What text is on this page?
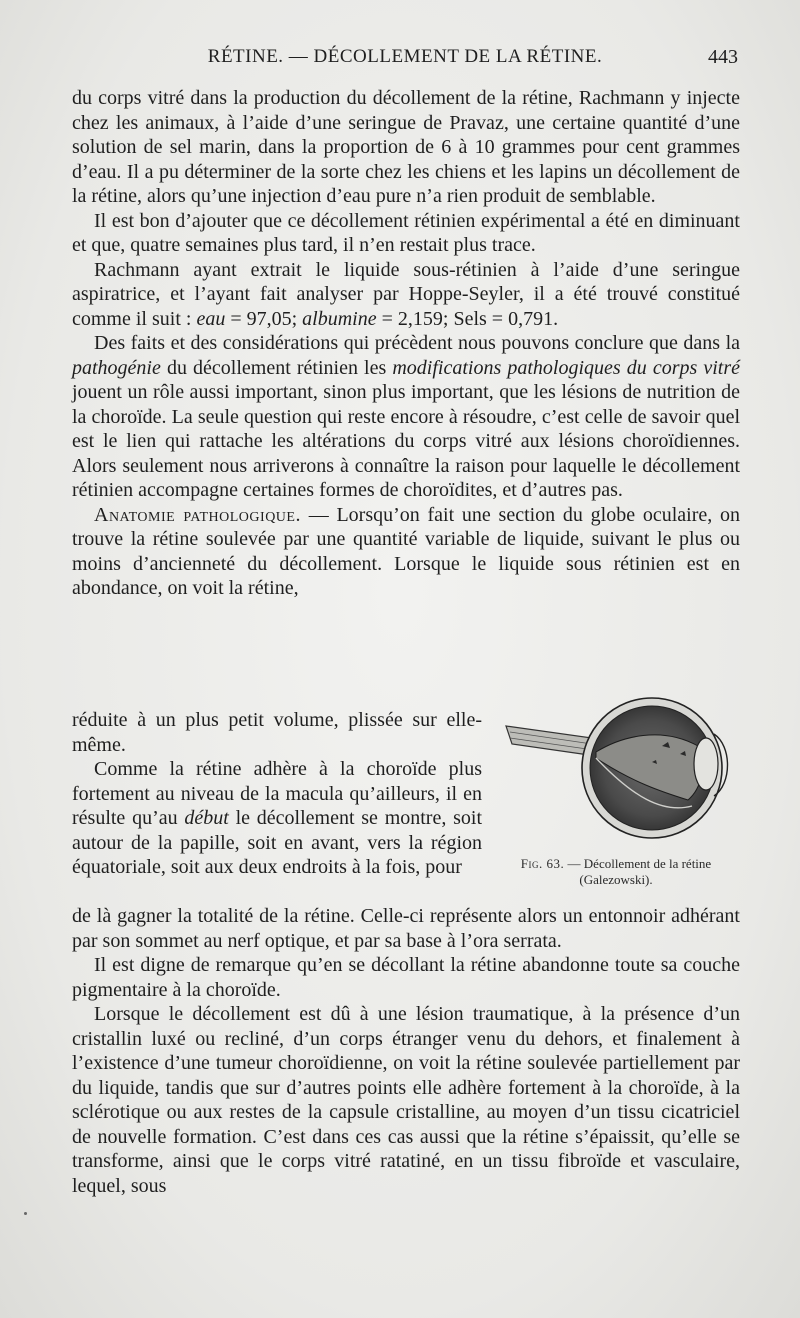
RÉTINE. — DÉCOLLEMENT DE LA RÉTINE.	443

du corps vitré dans la production du décollement de la rétine, Rachmann y injecte chez les animaux, à l’aide d’une seringue de Pravaz, une certaine quantité d’une solution de sel marin, dans la proportion de 6 à 10 grammes pour cent grammes d’eau. Il a pu déterminer de la sorte chez les chiens et les lapins un décollement de la rétine, alors qu’une injection d’eau pure n’a rien produit de semblable.

Il est bon d’ajouter que ce décollement rétinien expérimental a été en diminuant et que, quatre semaines plus tard, il n’en restait plus trace.

Rachmann ayant extrait le liquide sous-rétinien à l’aide d’une seringue aspiratrice, et l’ayant fait analyser par Hoppe-Seyler, il a été trouvé constitué comme il suit : eau = 97,05; albumine = 2,159; Sels = 0,791.

Des faits et des considérations qui précèdent nous pouvons conclure que dans la pathogénie du décollement rétinien les modifications pathologiques du corps vitré jouent un rôle aussi important, sinon plus important, que les lésions de nutrition de la choroïde. La seule question qui reste encore à résoudre, c’est celle de savoir quel est le lien qui rattache les altérations du corps vitré aux lésions choroïdiennes. Alors seulement nous arriverons à connaître la raison pour laquelle le décollement rétinien accompagne certaines formes de choroïdites, et d’autres pas.

Anatomie pathologique. — Lorsqu’on fait une section du globe oculaire, on trouve la rétine soulevée par une quantité variable de liquide, suivant le plus ou moins d’ancienneté du décollement. Lorsque le liquide sous rétinien est en abondance, on voit la rétine,

réduite à un plus petit volume, plissée sur elle-même.

Comme la rétine adhère à la choroïde plus fortement au niveau de la macula qu’ailleurs, il en résulte qu’au début le décollement se montre, soit autour de la papille, soit en avant, vers la région équatoriale, soit aux deux endroits à la fois, pour	Fig. 63. — Décollement de la rétine
(Galezowski).

de là gagner la totalité de la rétine. Celle-ci représente alors un entonnoir adhérant par son sommet au nerf optique, et par sa base à l’ora serrata.

Il est digne de remarque qu’en se décollant la rétine abandonne toute sa couche pigmentaire à la choroïde.

Lorsque le décollement est dû à une lésion traumatique, à la présence d’un cristallin luxé ou recliné, d’un corps étranger venu du dehors, et finalement à l’existence d’une tumeur choroïdienne, on voit la rétine soulevée partiellement par du liquide, tandis que sur d’autres points elle adhère fortement à la choroïde, à la sclérotique ou aux restes de la capsule cristalline, au moyen d’un tissu cicatriciel de nouvelle formation. C’est dans ces cas aussi que la rétine s’épaissit, qu’elle se transforme, ainsi que le corps vitré ratatiné, en un tissu fibroïde et vasculaire, lequel, sous
